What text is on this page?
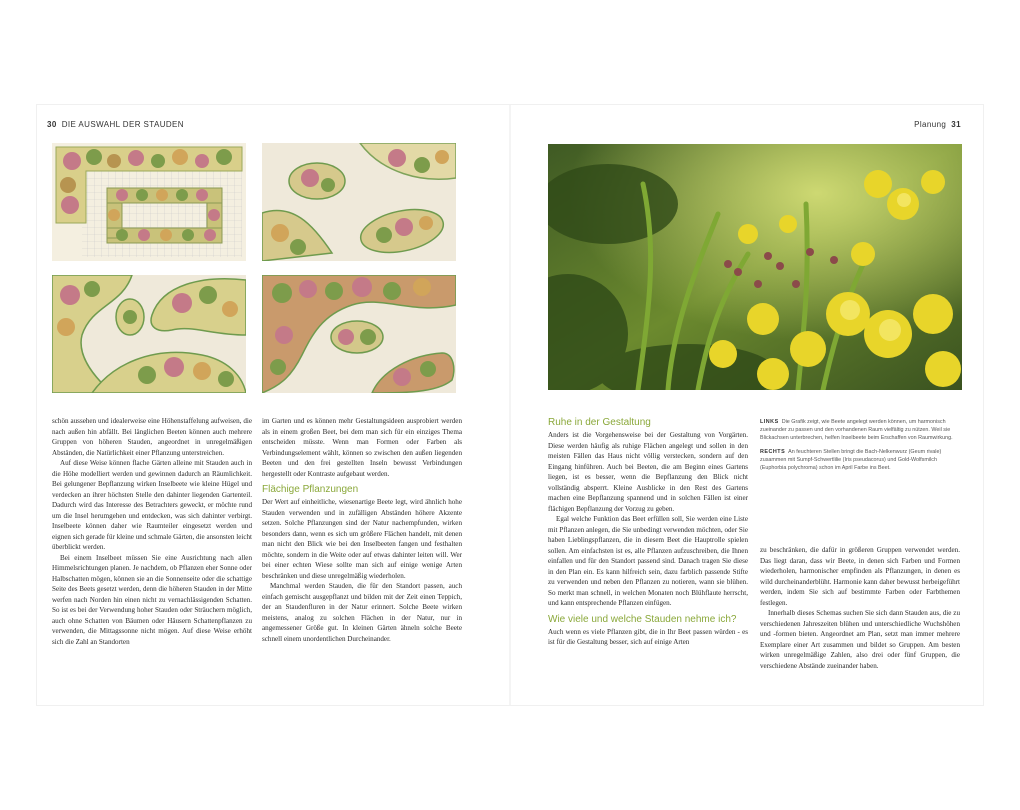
30 DIE AUSWAHL DER STAUDEN

schön aussehen und idealerweise eine Höhenstaffelung aufweisen, die nach außen hin abfällt. Bei länglichen Beeten können auch mehrere Gruppen von höheren Stauden, angeordnet in unregelmäßigen Abständen, die Natürlichkeit einer Pflanzung unterstreichen.

Auf diese Weise können flache Gärten alleine mit Stauden auch in die Höhe modelliert werden und gewinnen dadurch an Räumlichkeit. Bei gelungener Bepflanzung wirken Inselbeete wie kleine Hügel und verdecken an ihrer höchsten Stelle den dahinter liegenden Gartenteil. Dadurch wird das Interesse des Betrachters geweckt, er möchte rund um die Insel herumgehen und entdecken, was sich dahinter verbirgt. Inselbeete können daher wie Raumteiler eingesetzt werden und eignen sich gerade für kleine und schmale Gärten, die ansonsten leicht überblickt werden.

Bei einem Inselbeet müssen Sie eine Ausrichtung nach allen Himmelsrichtungen planen. Je nachdem, ob Pflanzen eher Sonne oder Halbschatten mögen, können sie an die Sonnenseite oder die schattige Seite des Beets gesetzt werden, denn die höheren Stauden in der Mitte werfen nach Norden hin einen nicht zu vernachlässigenden Schatten. So ist es bei der Verwendung hoher Stauden oder Sträuchern möglich, auch ohne Schatten von Bäumen oder Häusern Schattenpflanzen zu verwenden, die Mittagssonne nicht mögen. Auf diese Weise erhöht sich die Zahl an Standorten

im Garten und es können mehr Gestaltungsideen ausprobiert werden als in einem großen Beet, bei dem man sich für ein einziges Thema entscheiden müsste. Wenn man Formen oder Farben als Verbindungselement wählt, können so zwischen den außen liegenden Beeten und den frei gestellten Inseln bewusst Verbindungen hergestellt oder Kontraste aufgebaut werden.

Flächige Pflanzungen

Der Wert auf einheitliche, wiesenartige Beete legt, wird ähnlich hohe Stauden verwenden und in zufälligen Abständen höhere Akzente setzen. Solche Pflanzungen sind der Natur nachempfunden, wirken besonders dann, wenn es sich um größere Flächen handelt, mit denen man nicht den Blick wie bei den Inselbeeten fangen und festhalten möchte, sondern in die Weite oder auf etwas dahinter leiten will. Wer bei einer echten Wiese sollte man sich auf einige wenige Arten beschränken und diese unregelmäßig wiederholen.

Manchmal werden Stauden, die für den Standort passen, auch einfach gemischt ausgepflanzt und bilden mit der Zeit einen Teppich, der an Staudenfluren in der Natur erinnert. Solche Beete wirken meistens, analog zu solchen Flächen in der Natur, nur in angemessener Größe gut. In kleinen Gärten ähneln solche Beete schnell einem unordentlichen Durcheinander.

Planung 31
Ruhe in der Gestaltung

Anders ist die Vorgehensweise bei der Gestaltung von Vorgärten. Diese werden häufig als ruhige Flächen angelegt und sollen in den meisten Fällen das Haus nicht völlig verstecken, sondern auf den Eingang hinführen. Auch bei Beeten, die am Beginn eines Gartens liegen, ist es besser, wenn die Bepflanzung den Blick nicht vollständig absperrt. Kleine Ausblicke in den Rest des Gartens machen eine Bepflanzung spannend und in solchen Fällen ist einer flächigen Bepflanzung der Vorzug zu geben.

Egal welche Funktion das Beet erfüllen soll, Sie werden eine Liste mit Pflanzen anlegen, die Sie unbedingt verwenden möchten, oder Sie haben Lieblingspflanzen, die in diesem Beet die Hauptrolle spielen sollen. Am einfachsten ist es, alle Pflanzen aufzuschreiben, die Ihnen einfallen und für den Standort passend sind. Danach tragen Sie diese in den Plan ein. Es kann hilfreich sein, dazu farblich passende Stifte zu verwenden und neben den Pflanzen zu notieren, wann sie blühen. So merkt man schnell, in welchen Monaten noch Blühflaute herrscht, und kann entsprechende Pflanzen einfügen.

Wie viele und welche Stauden nehme ich?

Auch wenn es viele Pflanzen gibt, die in Ihr Beet passen würden - es ist für die Gestaltung besser, sich auf einige Arten

LINKS Die Grafik zeigt, wie Beete angelegt werden können, um harmonisch zueinander zu passen und den vorhandenen Raum vielfältig zu nützen. Weil sie Blickachsen unterbrechen, helfen Inselbeete beim Erschaffen von Raumwirkung.

RECHTS An feuchteren Stellen bringt die Bach-Nelkenwurz (Geum rivale) zusammen mit Sumpf-Schwertlilie (Iris pseudacorus) und Gold-Wolfsmilch (Euphorbia polychroma) schon im April Farbe ins Beet.

zu beschränken, die dafür in größeren Gruppen verwendet werden. Das liegt daran, dass wir Beete, in denen sich Farben und Formen wiederholen, harmonischer empfinden als Pflanzungen, in denen es wild durcheinanderblüht. Harmonie kann daher bewusst herbeigeführt werden, indem Sie sich auf bestimmte Farben oder Farbthemen festlegen.

Innerhalb dieses Schemas suchen Sie sich dann Stauden aus, die zu verschiedenen Jahreszeiten blühen und unterschiedliche Wuchshöhen und -formen bieten. Angeordnet am Plan, setzt man immer mehrere Exemplare einer Art zusammen und bildet so Gruppen. Am besten wirken unregelmäßige Zahlen, also drei oder fünf Gruppen, die verschiedene Abstände zueinander haben.
